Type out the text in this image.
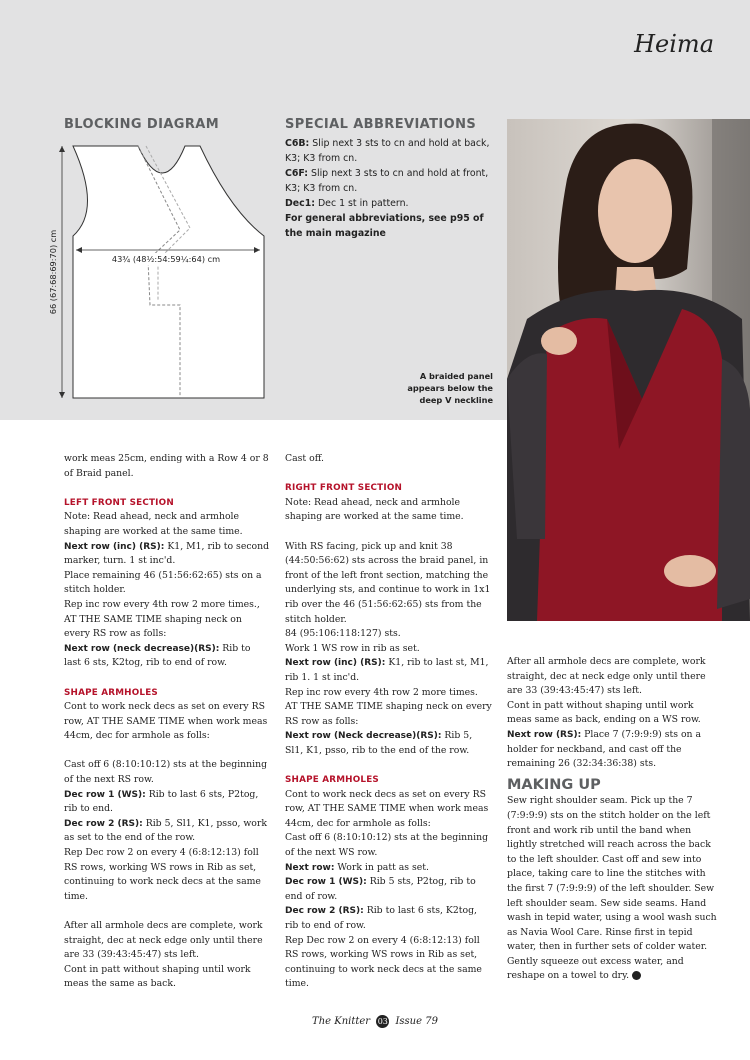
Heima
BLOCKING DIAGRAM
43¾ (48½:54:59¼:64) cm
66 (67:68:69:70) cm
SPECIAL ABBREVIATIONS

C6B: Slip next 3 sts to cn and hold at back, K3; K3 from cn.

C6F: Slip next 3 sts to cn and hold at front, K3; K3 from cn.

Dec1: Dec 1 st in pattern.

For general abbreviations, see p95 of the main magazine

A braided panel appears below the deep V neckline

work meas 25cm, ending with a Row 4 or 8 of Braid panel.

LEFT FRONT SECTION

Note: Read ahead, neck and armhole shaping are worked at the same time.

Next row (inc) (RS): K1, M1, rib to second marker, turn. 1 st inc'd.

Place remaining 46 (51:56:62:65) sts on a stitch holder.

Rep inc row every 4th row 2 more times., AT THE SAME TIME shaping neck on every RS row as folls:

Next row (neck decrease)(RS): Rib to last 6 sts, K2tog, rib to end of row.

SHAPE ARMHOLES

Cont to work neck decs as set on every RS row, AT THE SAME TIME when work meas 44cm, dec for armhole as folls:

Cast off 6 (8:10:10:12) sts at the beginning of the next RS row.

Dec row 1 (WS): Rib to last 6 sts, P2tog, rib to end.

Dec row 2 (RS): Rib 5, Sl1, K1, psso, work as set to the end of the row.

Rep Dec row 2 on every 4 (6:8:12:13) foll RS rows, working WS rows in Rib as set, continuing to work neck decs at the same time.

After all armhole decs are complete, work straight, dec at neck edge only until there are 33 (39:43:45:47) sts left.

Cont in patt without shaping until work meas the same as back.

Cast off.

RIGHT FRONT SECTION

Note: Read ahead, neck and armhole shaping are worked at the same time.

With RS facing, pick up and knit 38 (44:50:56:62) sts across the braid panel, in front of the left front section, matching the underlying sts, and continue to work in 1x1 rib over the 46 (51:56:62:65) sts from the stitch holder.

84 (95:106:118:127) sts.

Work 1 WS row in rib as set.

Next row (inc) (RS): K1, rib to last st, M1, rib 1. 1 st inc'd.

Rep inc row every 4th row 2 more times. AT THE SAME TIME shaping neck on every RS row as folls:

Next row (Neck decrease)(RS): Rib 5, Sl1, K1, psso, rib to the end of the row.

SHAPE ARMHOLES

Cont to work neck decs as set on every RS row, AT THE SAME TIME when work meas 44cm, dec for armhole as folls:

Cast off 6 (8:10:10:12) sts at the beginning of the next WS row.

Next row: Work in patt as set.

Dec row 1 (WS): Rib 5 sts, P2tog, rib to end of row.

Dec row 2 (RS): Rib to last 6 sts, K2tog, rib to end of row.

Rep Dec row 2 on every 4 (6:8:12:13) foll RS rows, working WS rows in Rib as set, continuing to work neck decs at the same time.

After all armhole decs are complete, work straight, dec at neck edge only until there are 33 (39:43:45:47) sts left.

Cont in patt without shaping until work meas same as back, ending on a WS row.

Next row (RS): Place 7 (7:9:9:9) sts on a holder for neckband, and cast off the remaining 26 (32:34:36:38) sts.

MAKING UP

Sew right shoulder seam. Pick up the 7 (7:9:9:9) sts on the stitch holder on the left front and work rib until the band when lightly stretched will reach across the back to the left shoulder. Cast off and sew into place, taking care to line the stitches with the first 7 (7:9:9:9) of the left shoulder. Sew left shoulder seam. Sew side seams. Hand wash in tepid water, using a wool wash such as Navia Wool Care. Rinse first in tepid water, then in further sets of colder water. Gently squeeze out excess water, and reshape on a towel to dry.

The Knitter 03 Issue 79
